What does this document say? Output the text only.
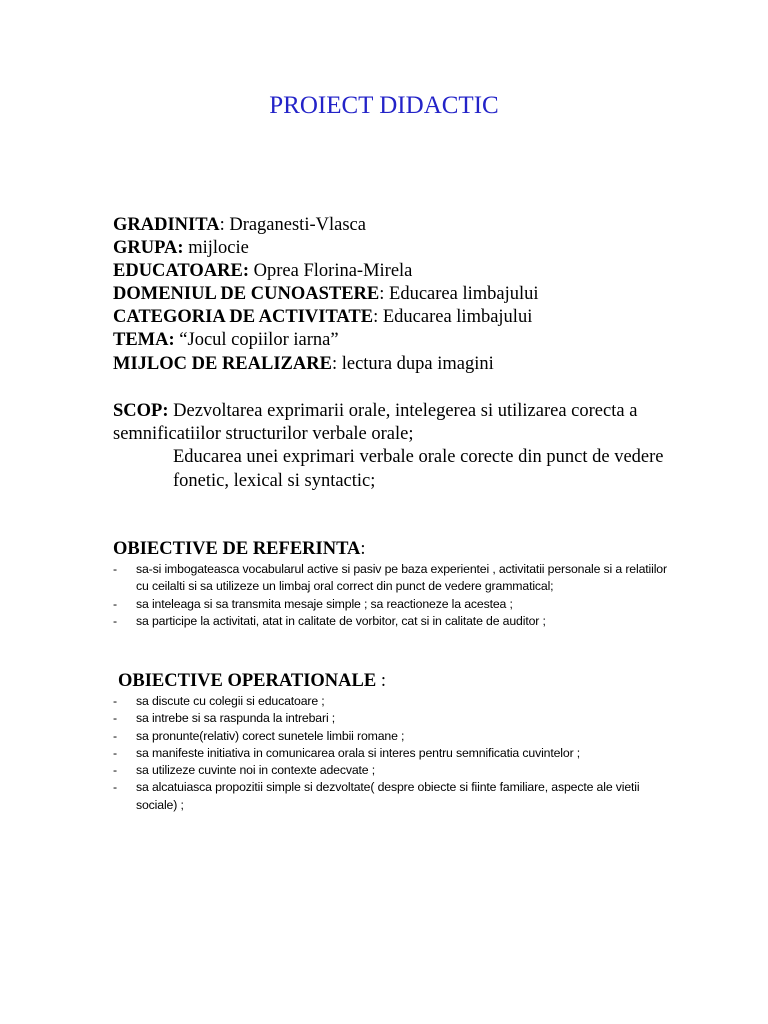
PROIECT DIDACTIC
GRADINITA: Draganesti-Vlasca
GRUPA: mijlocie
EDUCATOARE: Oprea Florina-Mirela
DOMENIUL DE CUNOASTERE: Educarea limbajului
CATEGORIA DE ACTIVITATE: Educarea limbajului
TEMA: “Jocul copiilor iarna”
MIJLOC DE REALIZARE: lectura dupa imagini
SCOP: Dezvoltarea exprimarii orale, intelegerea si utilizarea corecta a semnificatiilor structurilor verbale orale;
Educarea unei exprimari verbale orale corecte din punct de vedere fonetic, lexical si syntactic;
OBIECTIVE DE REFERINTA:
- sa-si imbogateasca vocabularul active si pasiv pe baza experientei , activitatii personale si a relatiilor cu ceilalti si sa utilizeze un limbaj oral correct din punct de vedere grammatical;
- sa inteleaga si sa transmita mesaje simple ; sa reactioneze la acestea ;
- sa participe la activitati, atat in calitate de vorbitor, cat si in calitate de auditor ;
OBIECTIVE OPERATIONALE :
- sa discute cu colegii si educatoare ;
- sa intrebe si sa raspunda la intrebari ;
- sa pronunte(relativ) corect sunetele limbii romane ;
- sa manifeste initiativa in comunicarea orala si interes pentru semnificatia cuvintelor ;
- sa utilizeze cuvinte noi in contexte adecvate ;
- sa alcatuiasca propozitii simple si dezvoltate( despre obiecte si fiinte familiare, aspecte ale vietii sociale) ;
